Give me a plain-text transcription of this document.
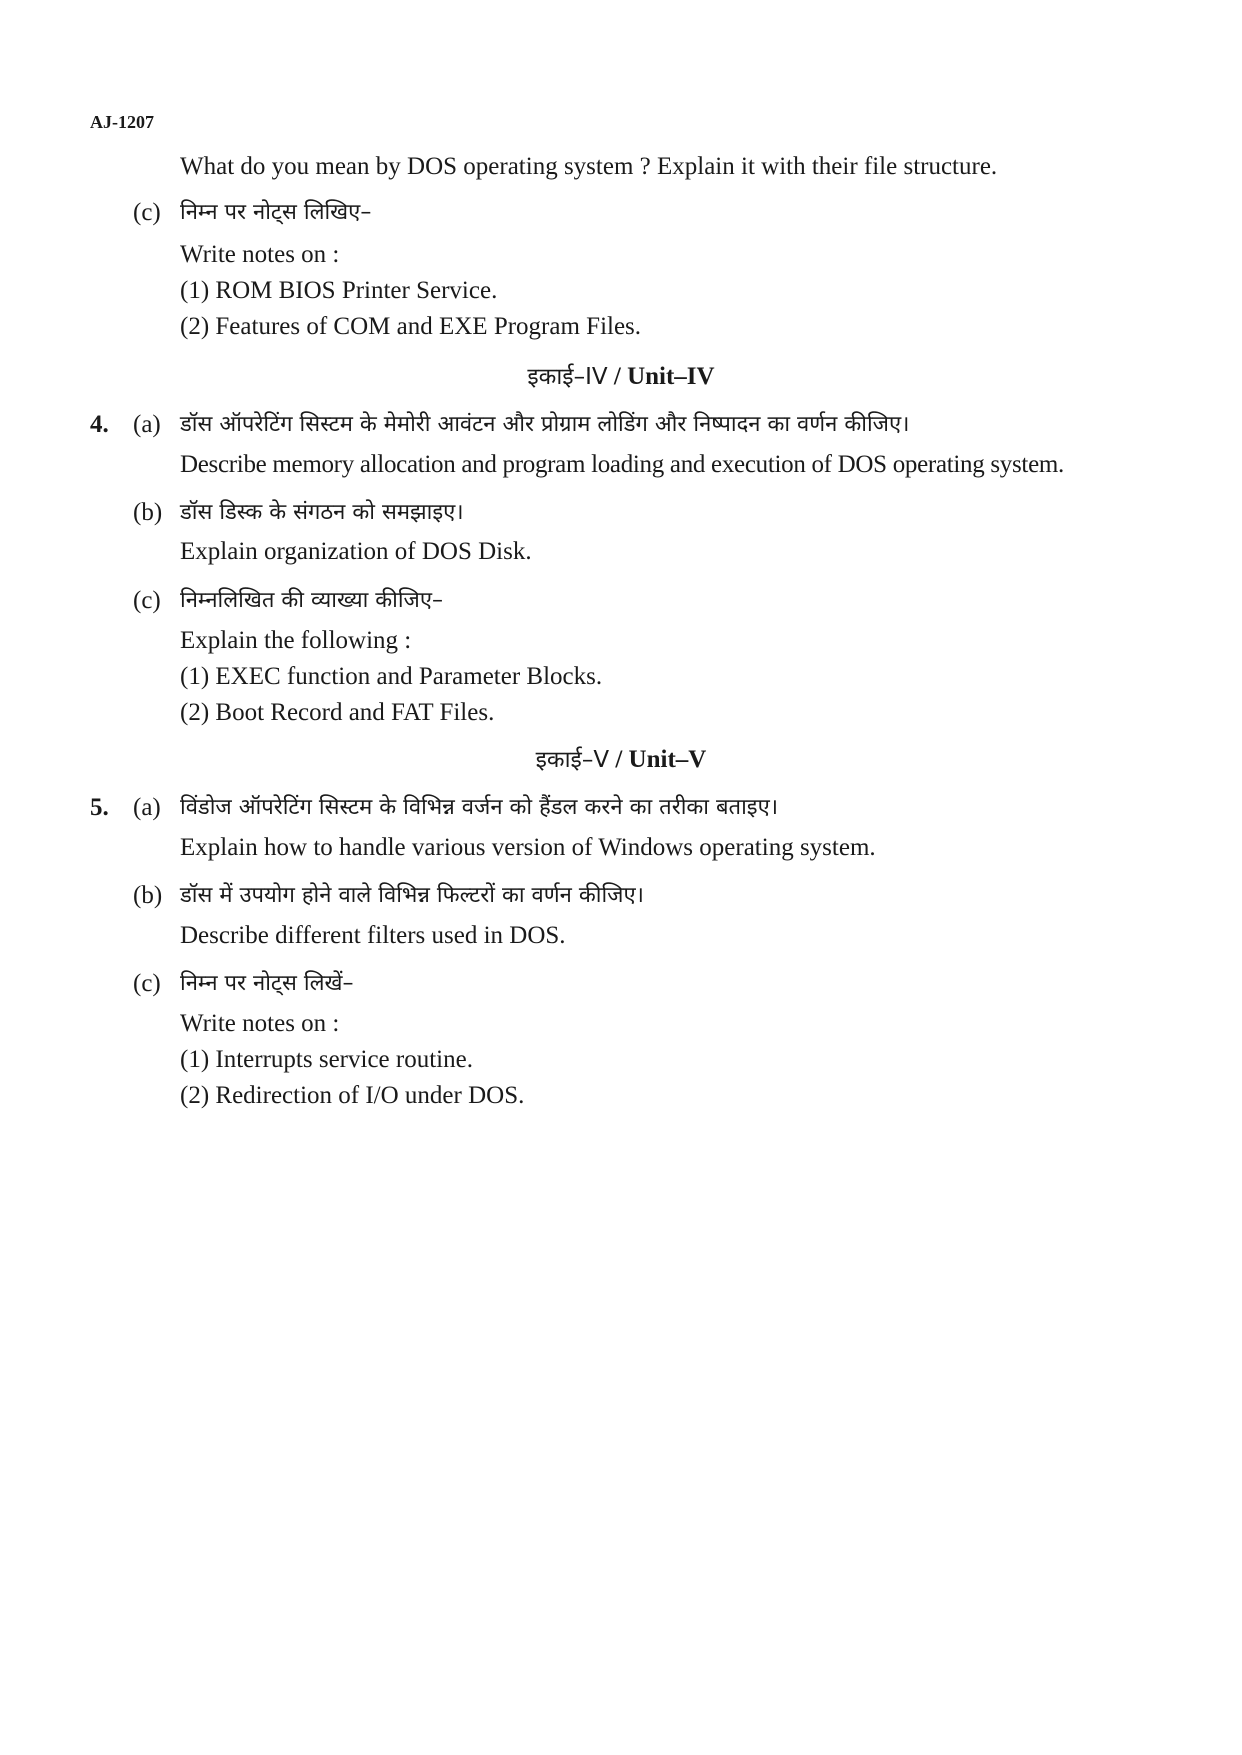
AJ-1207
What do you mean by DOS operating system ? Explain it with their file structure.
(c) निम्न पर नोट्स लिखिए–
Write notes on :
(1) ROM BIOS Printer Service.
(2) Features of COM and EXE Program Files.
इकाई–IV / Unit–IV
4. (a) डॉस ऑपरेटिंग सिस्टम के मेमोरी आवंटन और प्रोग्राम लोडिंग और निष्पादन का वर्णन कीजिए।
Describe memory allocation and program loading and execution of DOS operating system.
(b) डॉस डिस्क के संगठन को समझाइए।
Explain organization of DOS Disk.
(c) निम्नलिखित की व्याख्या कीजिए–
Explain the following :
(1) EXEC function and Parameter Blocks.
(2) Boot Record and FAT Files.
इकाई–V / Unit–V
5. (a) विंडोज ऑपरेटिंग सिस्टम के विभिन्न वर्जन को हैंडल करने का तरीका बताइए।
Explain how to handle various version of Windows operating system.
(b) डॉस में उपयोग होने वाले विभिन्न फिल्टरों का वर्णन कीजिए।
Describe different filters used in DOS.
(c) निम्न पर नोट्स लिखें–
Write notes on :
(1) Interrupts service routine.
(2) Redirection of I/O under DOS.
